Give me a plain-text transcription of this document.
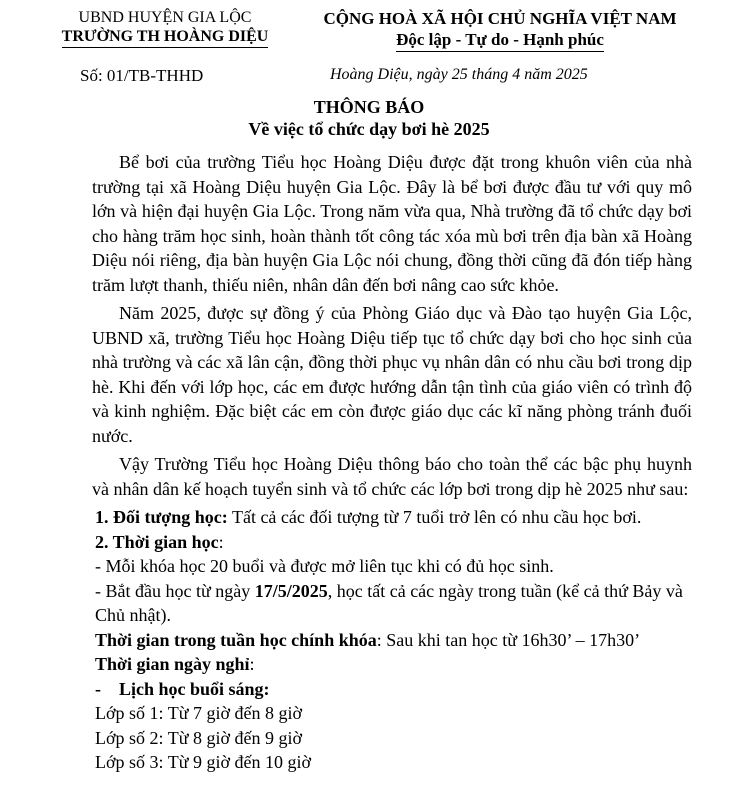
UBND HUYỆN GIA LỘC
TRƯỜNG TH HOÀNG DIỆU
CỘNG HOÀ XÃ HỘI CHỦ NGHĨA VIỆT NAM
Độc lập - Tự do - Hạnh phúc
Số: 01/TB-THHD	Hoàng Diệu, ngày 25 tháng 4 năm 2025
THÔNG BÁO
Về việc tổ chức dạy bơi hè 2025

Bể bơi của trường Tiểu học Hoàng Diệu được đặt trong khuôn viên của nhà trường tại xã Hoàng Diệu huyện Gia Lộc. Đây là bể bơi được đầu tư với quy mô lớn và hiện đại huyện Gia Lộc. Trong năm vừa qua, Nhà trường đã tổ chức dạy bơi cho hàng trăm học sinh, hoàn thành tốt công tác xóa mù bơi trên địa bàn xã Hoàng Diệu nói riêng, địa bàn huyện Gia Lộc nói chung, đồng thời cũng đã đón tiếp hàng trăm lượt thanh, thiếu niên, nhân dân đến bơi nâng cao sức khỏe.

Năm 2025, được sự đồng ý của Phòng Giáo dục và Đào tạo huyện Gia Lộc, UBND xã, trường Tiểu học Hoàng Diệu tiếp tục tổ chức dạy bơi cho học sinh của nhà trường và các xã lân cận, đồng thời phục vụ nhân dân có nhu cầu bơi trong dịp hè. Khi đến với lớp học, các em được hướng dẫn tận tình của giáo viên có trình độ và kinh nghiệm. Đặc biệt các em còn được giáo dục các kĩ năng phòng tránh đuối nước.

Vậy Trường Tiểu học Hoàng Diệu thông báo cho toàn thể các bậc phụ huynh và nhân dân kế hoạch tuyển sinh và tổ chức các lớp bơi trong dịp hè 2025 như sau:

1. Đối tượng học: Tất cả các đối tượng từ 7 tuổi trở lên có nhu cầu học bơi.

2. Thời gian học:

- Mỗi khóa học 20 buổi và được mở liên tục khi có đủ học sinh.

- Bắt đầu học từ ngày 17/5/2025, học tất cả các ngày trong tuần (kể cả thứ Bảy và Chủ nhật).

Thời gian trong tuần học chính khóa: Sau khi tan học từ 16h30’ – 17h30’

Thời gian ngày nghỉ:

-    Lịch học buổi sáng:

Lớp số 1: Từ 7 giờ đến 8 giờ

Lớp số 2: Từ 8 giờ đến 9 giờ

Lớp số 3: Từ 9 giờ đến 10 giờ
